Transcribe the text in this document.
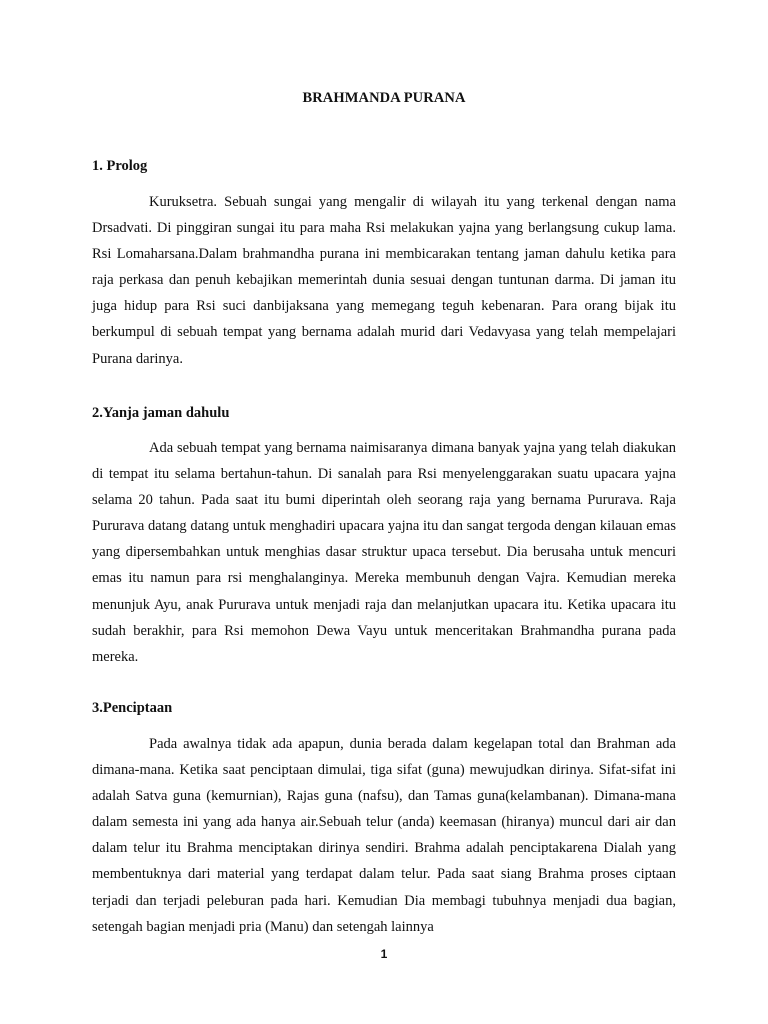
BRAHMANDA PURANA
1. Prolog

Kuruksetra. Sebuah sungai yang mengalir di wilayah itu yang terkenal dengan nama Drsadvati. Di pinggiran sungai itu para maha Rsi melakukan yajna yang berlangsung cukup lama. Rsi Lomaharsana.Dalam brahmandha purana ini membicarakan tentang jaman dahulu ketika para raja perkasa dan penuh kebajikan memerintah dunia sesuai dengan tuntunan darma. Di jaman itu juga hidup para Rsi suci danbijaksana yang memegang teguh kebenaran. Para orang bijak itu berkumpul di sebuah tempat yang bernama adalah murid dari Vedavyasa yang telah mempelajari Purana darinya.

2.Yanja jaman dahulu

Ada sebuah tempat yang bernama naimisaranya dimana banyak yajna yang telah diakukan di tempat itu selama bertahun-tahun. Di sanalah para Rsi menyelenggarakan suatu upacara yajna selama 20 tahun. Pada saat itu bumi diperintah oleh seorang raja yang bernama Pururava. Raja Pururava datang datang untuk menghadiri upacara yajna itu dan sangat tergoda dengan kilauan emas yang dipersembahkan untuk menghias dasar struktur upaca tersebut. Dia berusaha untuk mencuri emas itu namun para rsi menghalanginya. Mereka membunuh dengan Vajra. Kemudian mereka menunjuk Ayu, anak Pururava untuk menjadi raja dan melanjutkan upacara itu. Ketika upacara itu sudah berakhir, para Rsi memohon Dewa Vayu untuk menceritakan Brahmandha purana pada mereka.

3.Penciptaan

Pada awalnya tidak ada apapun, dunia berada dalam kegelapan total dan Brahman ada dimana-mana. Ketika saat penciptaan dimulai, tiga sifat (guna) mewujudkan dirinya. Sifat-sifat ini adalah Satva guna (kemurnian), Rajas guna (nafsu), dan Tamas guna(kelambanan). Dimana-mana dalam semesta ini yang ada hanya air.Sebuah telur (anda) keemasan (hiranya) muncul dari air dan dalam telur itu Brahma menciptakan dirinya sendiri. Brahma adalah penciptakarena Dialah yang membentuknya dari material yang terdapat dalam telur. Pada saat siang Brahma proses ciptaan terjadi dan terjadi peleburan pada hari. Kemudian Dia membagi tubuhnya menjadi dua bagian, setengah bagian menjadi pria (Manu) dan setengah lainnya

1
